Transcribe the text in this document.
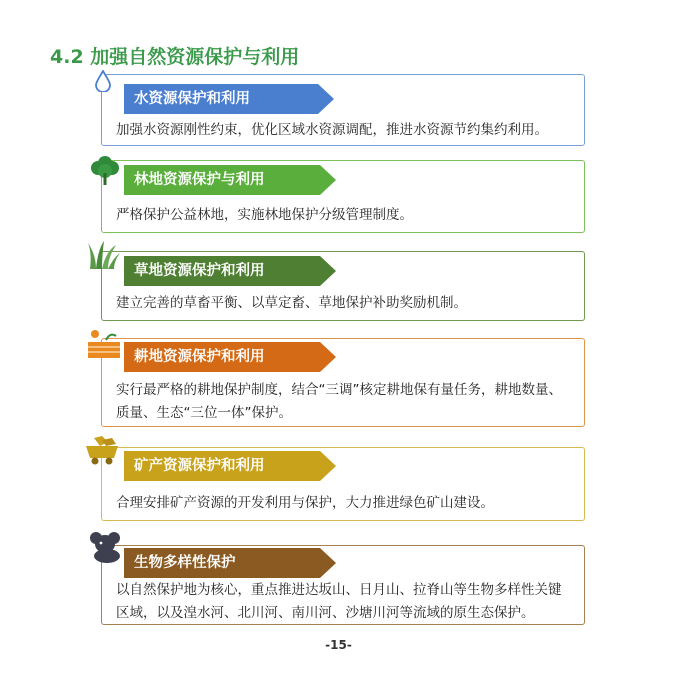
4.2 加强自然资源保护与利用
加强水资源刚性约束，优化区域水资源调配，推进水资源节约集约利用。
水资源保护和利用
严格保护公益林地，实施林地保护分级管理制度。
林地资源保护与利用
建立完善的草畜平衡、以草定畜、草地保护补助奖励机制。
草地资源保护和利用
实行最严格的耕地保护制度，结合“三调”核定耕地保有量任务，耕地数量、质量、生态“三位一体”保护。
耕地资源保护和利用
合理安排矿产资源的开发利用与保护，大力推进绿色矿山建设。
矿产资源保护和利用
以自然保护地为核心，重点推进达坂山、日月山、拉脊山等生物多样性关键区域，以及湟水河、北川河、南川河、沙塘川河等流域的原生态保护。
生物多样性保护
-15-
